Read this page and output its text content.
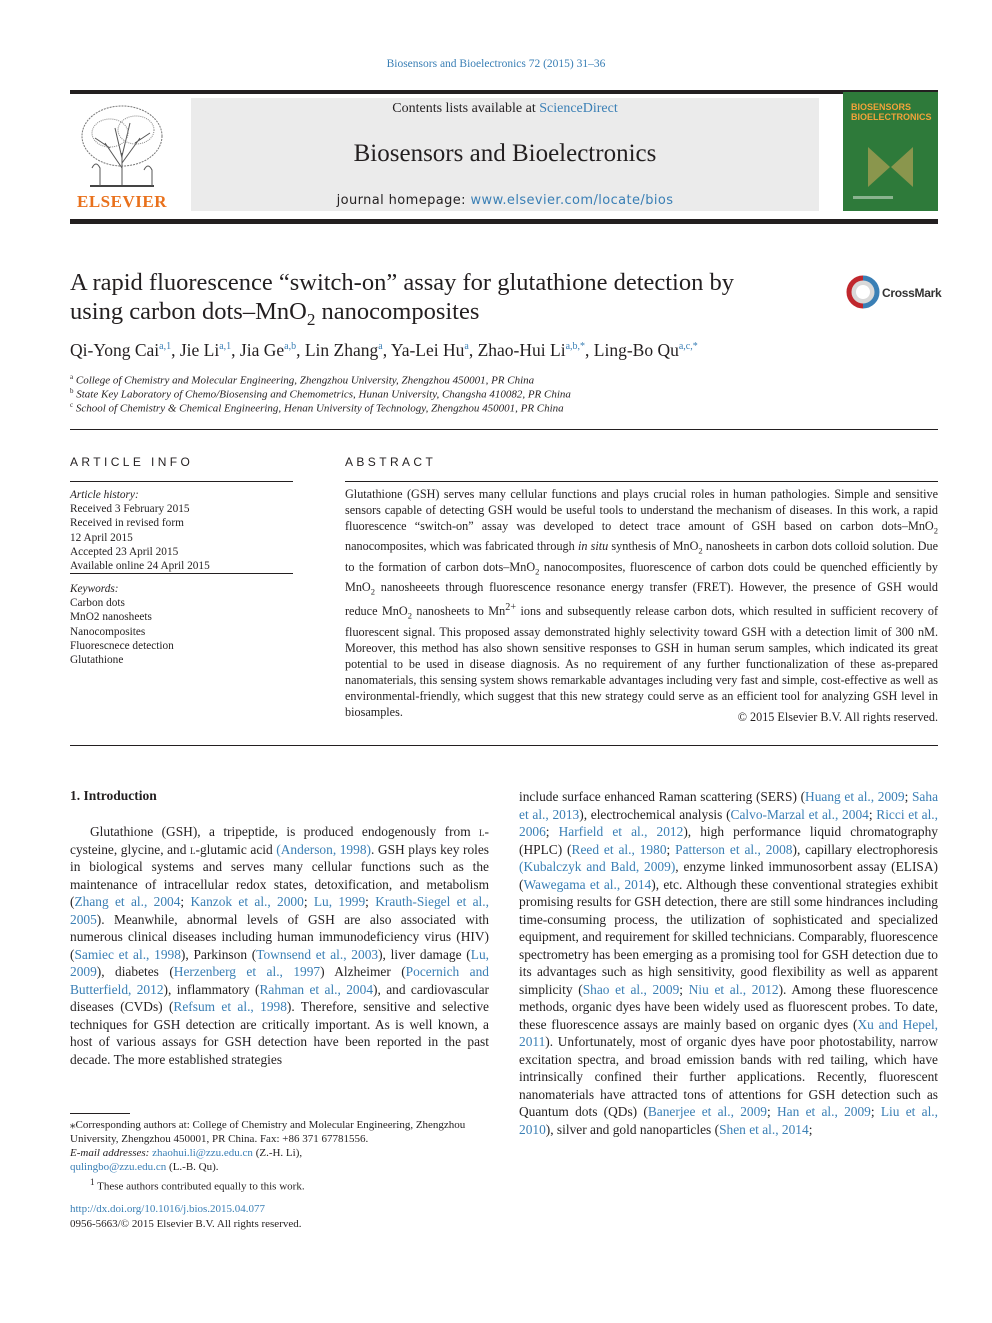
Biosensors and Bioelectronics 72 (2015) 31–36
ELSEVIER
Contents lists available at ScienceDirect
Biosensors and Bioelectronics
journal homepage: www.elsevier.com/locate/bios
BIOSENSORS BIOELECTRONICS
A rapid fluorescence “switch-on” assay for glutathione detection by
using carbon dots–MnO$_2$ nanocomposites
CrossMark
Qi-Yong Cai$^{a,1}$, Jie Li$^{a,1}$, Jia Ge$^{a,b}$, Lin Zhang$^a$, Ya-Lei Hu$^a$, Zhao-Hui $Li^{a,b,*}$, Ling-Bo $Qu^{a,c,*}$
$^a$ College of Chemistry and Molecular Engineering, Zhengzhou University, Zhengzhou 450001, PR China
$^b$ State Key Laboratory of Chemo/Biosensing and Chemometrics, Hunan University, Changsha 410082, PR China
$^c$ School of Chemistry & Chemical Engineering, Henan University of Technology, Zhengzhou 450001, PR China
ARTICLE INFO
Article history:
Received 3 February 2015
Received in revised form
12 April 2015
Accepted 23 April 2015
Available online 24 April 2015
Keywords:
Carbon dots
MnO2 nanosheets
Nanocomposites
Fluorescnece detection
Glutathione
ABSTRACT
Glutathione (GSH) serves many cellular functions and plays crucial roles in human pathologies. Simple and sensitive sensors capable of detecting GSH would be useful tools to understand the mechanism of diseases. In this work, a rapid fluorescence “switch-on” assay was developed to detect trace amount of GSH based on carbon dots–MnO$_2$ nanocomposites, which was fabricated through in situ synthesis of MnO$_2$ nanosheets in carbon dots colloid solution. Due to the formation of carbon dots–MnO$_2$ nanocomposites, fluorescence of carbon dots could be quenched efficiently by MnO$_2$ nanosheeets through fluorescence resonance energy transfer (FRET). However, the presence of GSH would reduce MnO$_2$ nanosheets to $Mn^{2+}$ ions and subsequently release carbon dots, which resulted in sufficient recovery of fluorescent signal. This proposed assay demonstrated highly selectivity toward GSH with a detection limit of 300 nM. Moreover, this method has also shown sensitive responses to GSH in human serum samples, which indicated its great potential to be used in disease diagnosis. As no requirement of any further functionalization of these as-prepared nanomaterials, this sensing system shows remarkable advantages including very fast and simple, cost-effective as well as environmental-friendly, which suggest that this new strategy could serve as an efficient tool for analyzing GSH level in biosamples.	© 2015 Elsevier B.V. All rights reserved.
1. Introduction

Glutathione (GSH), a tripeptide, is produced endogenously from l-cysteine, glycine, and l-glutamic acid (Anderson, 1998). GSH plays key roles in biological systems and serves many cellular functions such as the maintenance of intracellular redox states, detoxification, and metabolism (Zhang et al., 2004; Kanzok et al., 2000; Lu, 1999; Krauth-Siegel et al., 2005). Meanwhile, abnormal levels of GSH are also associated with numerous clinical diseases including human immunodeficiency virus (HIV) (Samiec et al., 1998), Parkinson (Townsend et al., 2003), liver damage (Lu, 2009), diabetes (Herzenberg et al., 1997) Alzheimer (Pocernich and Butterfield, 2012), inflammatory (Rahman et al., 2004), and cardiovascular diseases (CVDs) (Refsum et al., 1998). Therefore, sensitive and selective techniques for GSH detection are critically important. As is well known, a host of various assays for GSH detection have been reported in the past decade. The more established strategies

include surface enhanced Raman scattering (SERS) (Huang et al., 2009; Saha et al., 2013), electrochemical analysis (Calvo-Marzal et al., 2004; Ricci et al., 2006; Harfield et al., 2012), high performance liquid chromatography (HPLC) (Reed et al., 1980; Patterson et al., 2008), capillary electrophoresis (Kubalczyk and Bald, 2009), enzyme linked immunosorbent assay (ELISA) (Wawegama et al., 2014), etc. Although these conventional strategies exhibit promising results for GSH detection, there are still some hindrances including time-consuming process, the utilization of sophisticated and specialized equipment, and requirement for skilled technicians. Comparably, fluorescence spectrometry has been emerging as a promising tool for GSH detection due to its advantages such as high sensitivity, good flexibility as well as apparent simplicity (Shao et al., 2009; Niu et al., 2012). Among these fluorescence methods, organic dyes have been widely used as fluorescent probes. To date, these fluorescence assays are mainly based on organic dyes (Xu and Hepel, 2011). Unfortunately, most of organic dyes have poor photostability, narrow excitation spectra, and broad emission bands with red tailing, which have intrinsically confined their further applications. Recently, fluorescent nanomaterials have attracted tons of attentions for GSH detection such as Quantum dots (QDs) (Banerjee et al., 2009; Han et al., 2009; Liu et al., 2010), silver and gold nanoparticles (Shen et al., 2014;

⁎Corresponding authors at: College of Chemistry and Molecular Engineering, Zhengzhou University, Zhengzhou 450001, PR China. Fax: +86 371 67781556.
E-mail addresses: zhaohui.li@zzu.edu.cn (Z.-H. Li),
qulingbo@zzu.edu.cn (L.-B. Qu).
$^1$ These authors contributed equally to this work.
http://dx.doi.org/10.1016/j.bios.2015.04.077
0956-5663/© 2015 Elsevier B.V. All rights reserved.
